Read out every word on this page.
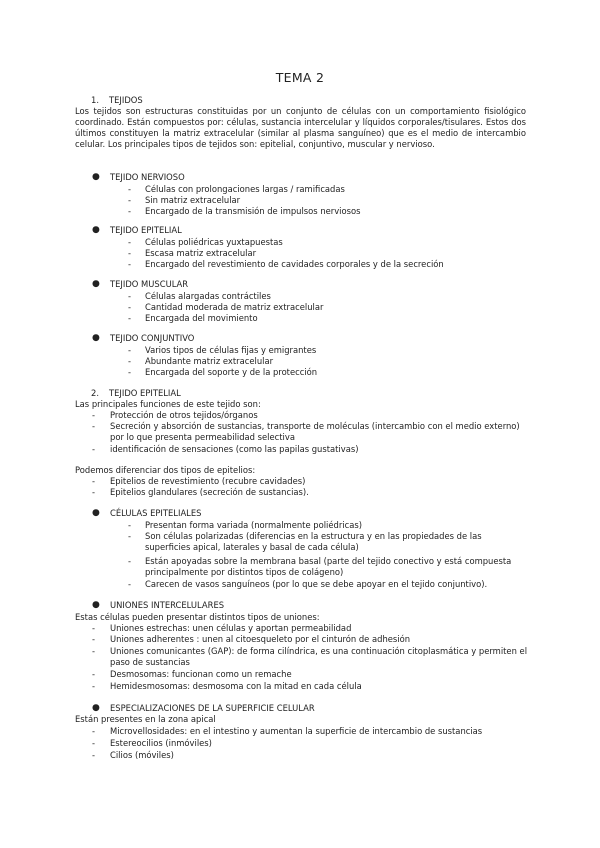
TEMA 2
1. TEJIDOS
Los tejidos son estructuras constituidas por un conjunto de células con un comportamiento fisiológico coordinado. Están compuestos por: células, sustancia intercelular y líquidos corporales/tisulares. Estos dos últimos constituyen la matriz extracelular (similar al plasma sanguíneo) que es el medio de intercambio celular. Los principales tipos de tejidos son: epitelial, conjuntivo, muscular y nervioso.
● TEJIDO NERVIOSO
- Células con prolongaciones largas / ramificadas
- Sin matriz extracelular
- Encargado de la transmisión de impulsos nerviosos
● TEJIDO EPITELIAL
- Células poliédricas yuxtapuestas
- Escasa matriz extracelular
- Encargado del revestimiento de cavidades corporales y de la secreción
● TEJIDO MUSCULAR
- Células alargadas contráctiles
- Cantidad moderada de matriz extracelular
- Encargada del movimiento
● TEJIDO CONJUNTIVO
- Varios tipos de células fijas y emigrantes
- Abundante matriz extracelular
- Encargada del soporte y de la protección
2. TEJIDO EPITELIAL
Las principales funciones de este tejido son:
- Protección de otros tejidos/órganos
- Secreción y absorción de sustancias, transporte de moléculas (intercambio con el medio externo) por lo que presenta permeabilidad selectiva
- identificación de sensaciones (como las papilas gustativas)
Podemos diferenciar dos tipos de epitelios:
- Epitelios de revestimiento (recubre cavidades)
- Epitelios glandulares (secreción de sustancias).
● CÉLULAS EPITELIALES
- Presentan forma variada (normalmente poliédricas)
- Son células polarizadas (diferencias en la estructura y en las propiedades de las superficies apical, laterales y basal de cada célula)
- Están apoyadas sobre la membrana basal (parte del tejido conectivo y está compuesta principalmente por distintos tipos de colágeno)
- Carecen de vasos sanguíneos (por lo que se debe apoyar en el tejido conjuntivo).
● UNIONES INTERCELULARES
Estas células pueden presentar distintos tipos de uniones:
- Uniones estrechas: unen células y aportan permeabilidad
- Uniones adherentes : unen al citoesqueleto por el cinturón de adhesión
- Uniones comunicantes (GAP): de forma cilíndrica, es una continuación citoplasmática y permiten el paso de sustancias
- Desmosomas: funcionan como un remache
- Hemidesmosomas: desmosoma con la mitad en cada célula
● ESPECIALIZACIONES DE LA SUPERFICIE CELULAR
Están presentes en la zona apical
- Microvellosidades: en el intestino y aumentan la superficie de intercambio de sustancias
- Estereocilios (inmóviles)
- Cilios (móviles)
